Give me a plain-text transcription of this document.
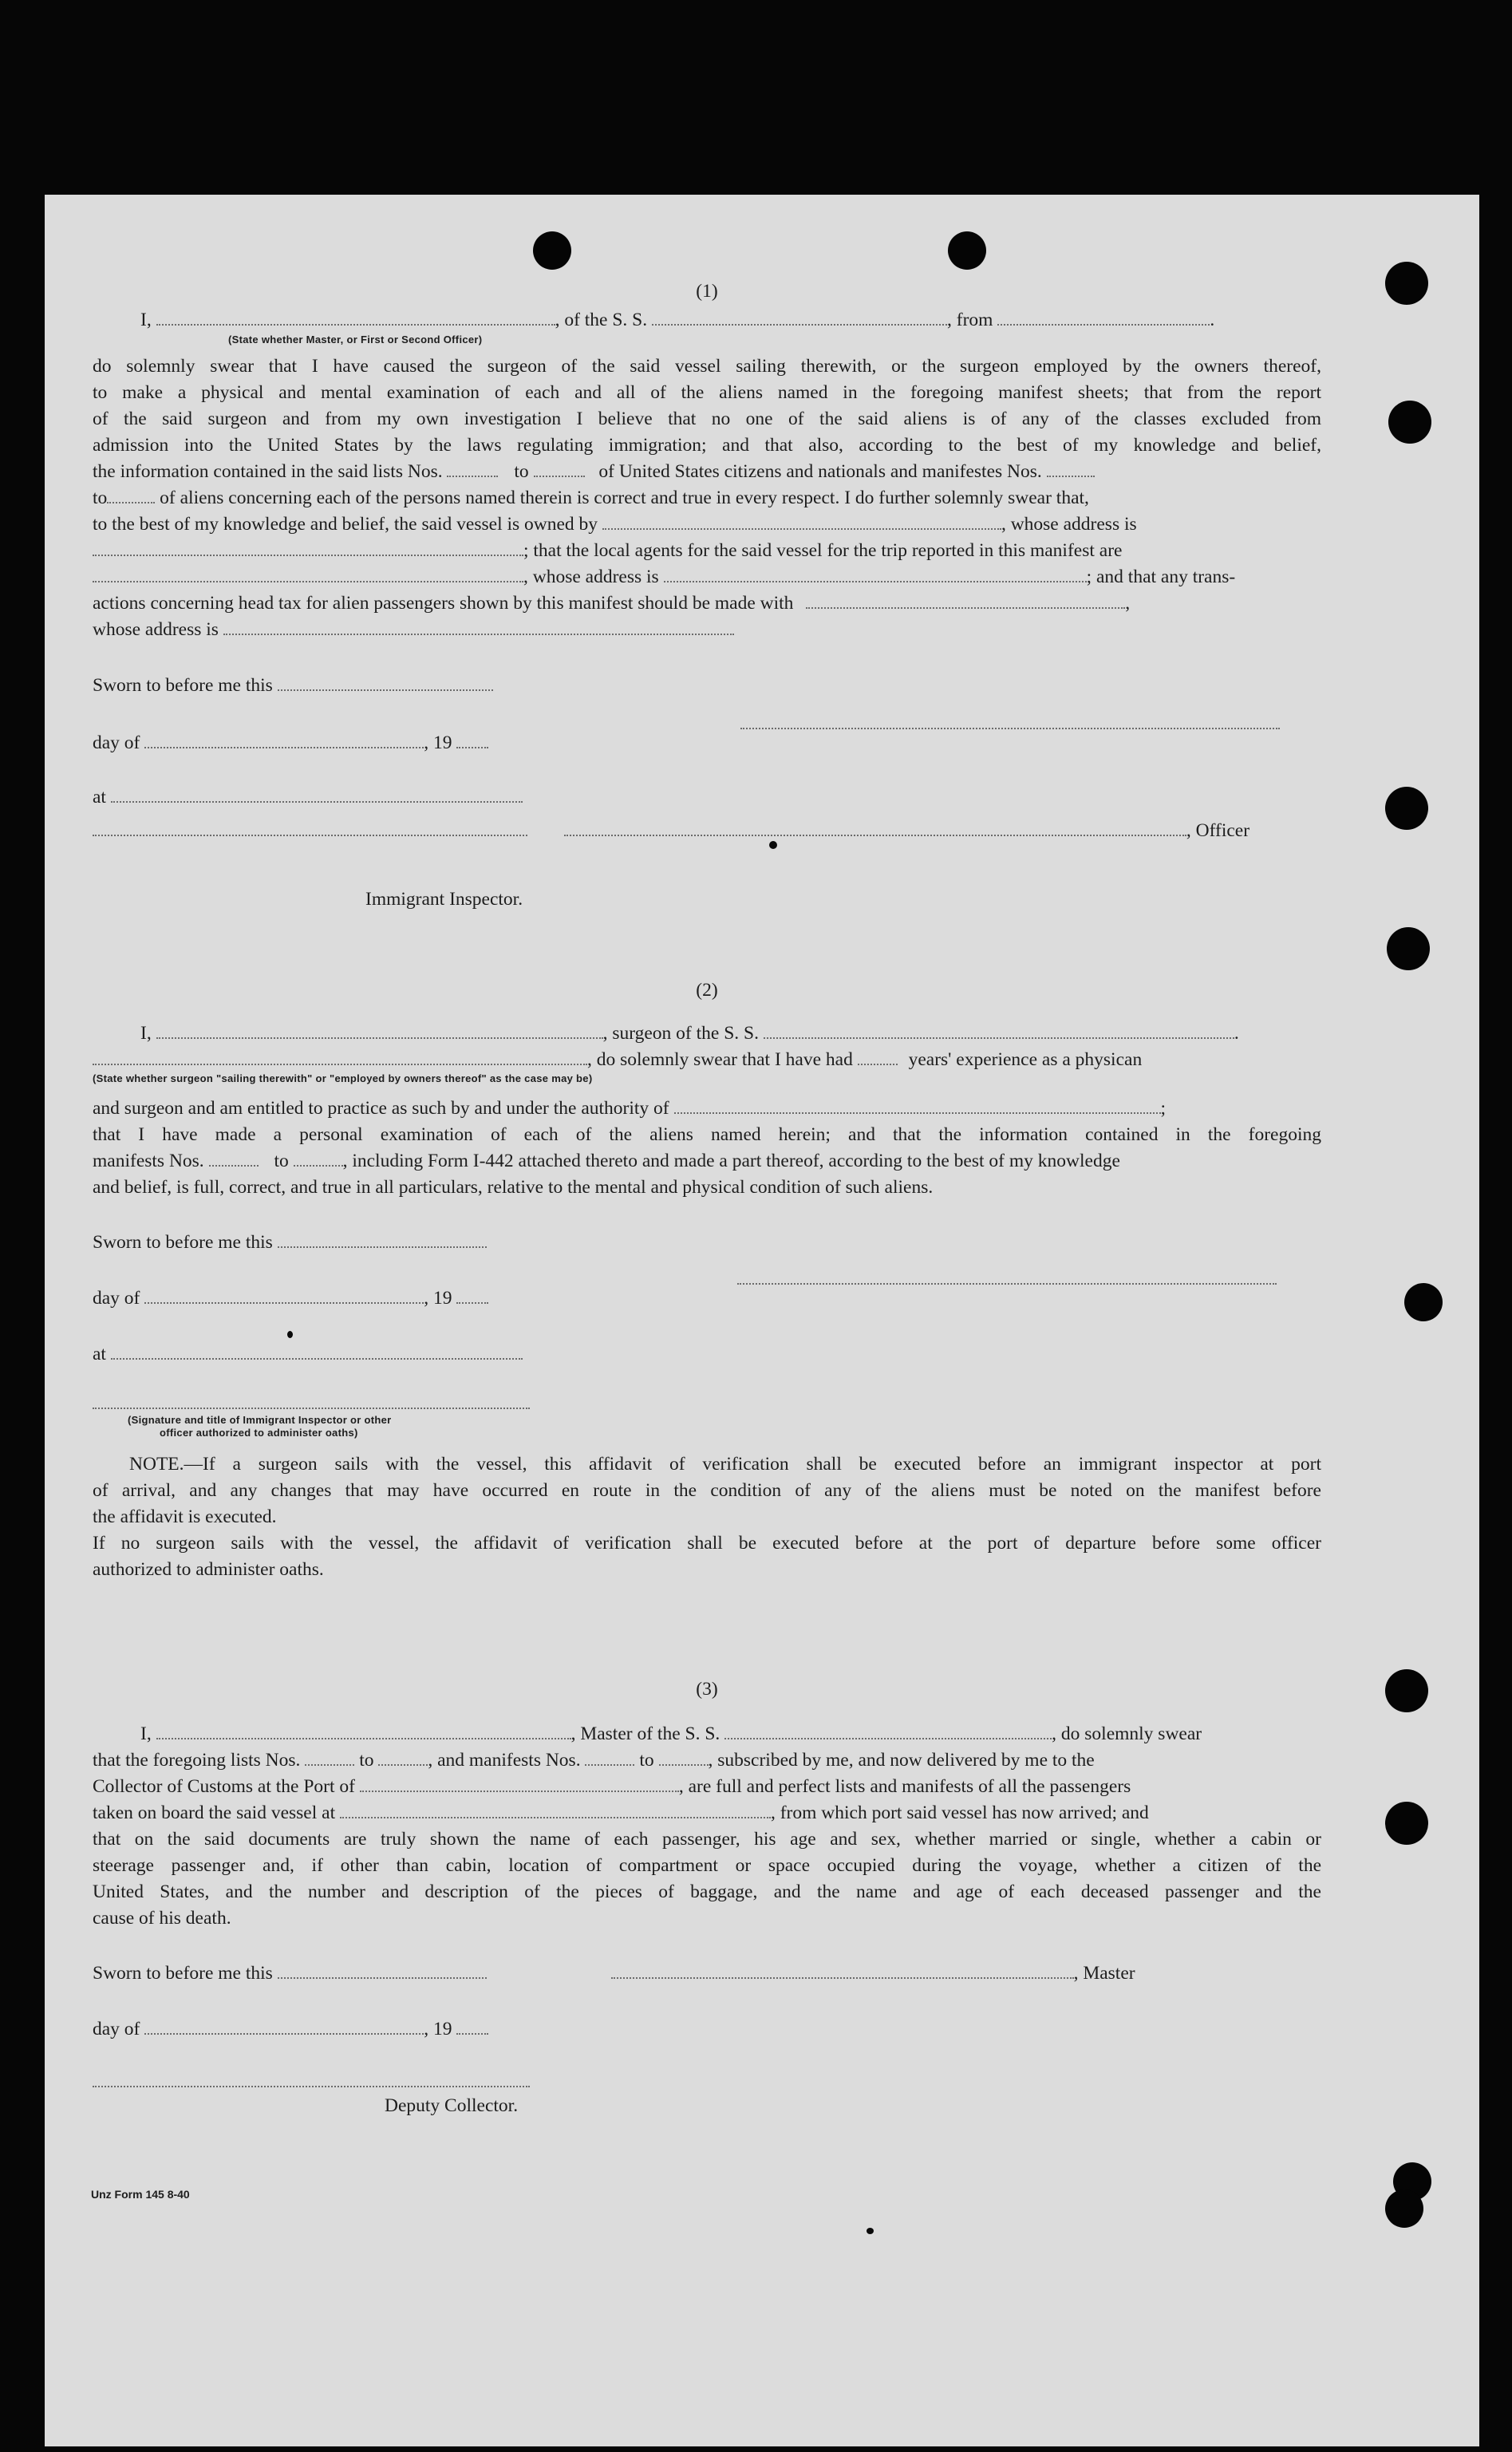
(1)
I,	, of the S. S.	, from	.
(State whether Master, or First or Second Officer)
do solemnly swear that I have caused the surgeon of the said vessel sailing therewith, or the surgeon employed by the owners thereof,
to make a physical and mental examination of each and all of the aliens named in the foregoing manifest sheets; that from the report
of the said surgeon and from my own investigation I believe that no one of the said aliens is of any of the classes excluded from
admission into the United States by the laws regulating immigration; and that also, according to the best of my knowledge and belief,
the information contained in the said lists Nos.	to	of United States citizens and nationals and manifestes Nos.
to	of aliens concerning each of the persons named therein is correct and true in every respect. I do further solemnly swear that,
to the best of my knowledge and belief, the said vessel is owned by	, whose address is
; that the local agents for the said vessel for the trip reported in this manifest are
, whose address is	; and that any trans-
actions concerning head tax for alien passengers shown by this manifest should be made with	,
whose address is
Sworn to before me this
day of	, 19
at
, Officer
Immigrant Inspector.
(2)
I,	, surgeon of the S. S.	.
, do solemnly swear that I have had	years' experience as a physican
(State whether surgeon "sailing therewith" or "employed by owners thereof" as the case may be)
and surgeon and am entitled to practice as such by and under the authority of	;
that I have made a personal examination of each of the aliens named herein; and that the information contained in the foregoing
manifests Nos.	to	, including Form I-442 attached thereto and made a part thereof, according to the best of my knowledge
and belief, is full, correct, and true in all particulars, relative to the mental and physical condition of such aliens.
Sworn to before me this
day of	, 19
at
(Signature and title of Immigrant Inspector or other
officer authorized to administer oaths)
NOTE.—If a surgeon sails with the vessel, this affidavit of verification shall be executed before an immigrant inspector at port
of arrival, and any changes that may have occurred en route in the condition of any of the aliens must be noted on the manifest before
the affidavit is executed.
If no surgeon sails with the vessel, the affidavit of verification shall be executed before at the port of departure before some officer
authorized to administer oaths.
(3)
I,	, Master of the S. S.	, do solemnly swear
that the foregoing lists Nos.	to	, and manifests Nos.	to	, subscribed by me, and now delivered by me to the
Collector of Customs at the Port of	, are full and perfect lists and manifests of all the passengers
taken on board the said vessel at	, from which port said vessel has now arrived; and
that on the said documents are truly shown the name of each passenger, his age and sex, whether married or single, whether a cabin or
steerage passenger and, if other than cabin, location of compartment or space occupied during the voyage, whether a citizen of the
United States, and the number and description of the pieces of baggage, and the name and age of each deceased passenger and the
cause of his death.
Sworn to before me this	, Master
day of	, 19
Deputy Collector.
Unz Form 145 8-40
